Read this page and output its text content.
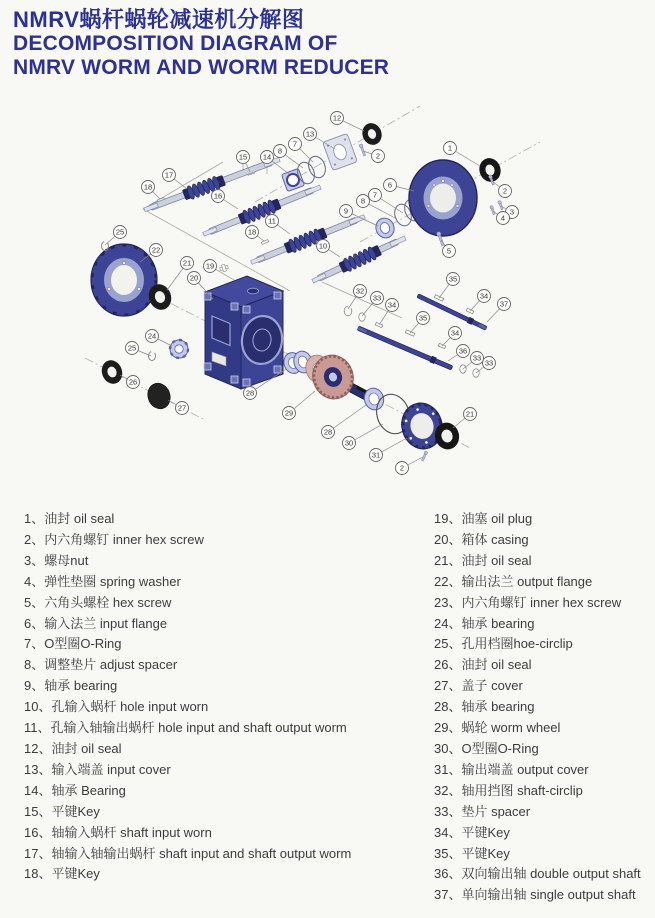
NMRV蜗杆蜗轮减速机分解图
DECOMPOSITION DIAGRAM OF
NMRV WORM AND WORM REDUCER
12
13
7
8
2
1
15 14
17
18	2
6
7
8
3
4
16
9
11
18
10
5
25
22
21 19
20
24
25
26
27
28
29
28
30
31
2
21
32
33
34
35
34
37
35
34
36
33
33
1、油封 oil seal
2、内六角螺钉 inner hex screw
3、螺母nut
4、弹性垫圈 spring washer
5、六角头螺栓 hex screw
6、输入法兰 input flange
7、O型圈O-Ring
8、调整垫片 adjust spacer
9、轴承 bearing
10、孔输入蜗杆 hole input worn
11、孔输入轴输出蜗杆 hole input and shaft output worm
12、油封 oil seal
13、输入端盖 input cover
14、轴承 Bearing
15、平键Key
16、轴输入蜗杆 shaft input worn
17、轴输入轴输出蜗杆 shaft input and shaft output worm
18、平键Key
19、油塞 oil plug
20、箱体 casing
21、油封 oil seal
22、输出法兰 output flange
23、内六角螺钉 inner hex screw
24、轴承 bearing
25、孔用档圈hoe-circlip
26、油封 oil seal
27、盖子 cover
28、轴承 bearing
29、蜗轮 worm wheel
30、O型圈O-Ring
31、输出端盖 output cover
32、轴用挡图 shaft-circlip
33、垫片 spacer
34、平键Key
35、平键Key
36、双向输出轴 double output shaft
37、单向输出轴 single output shaft
